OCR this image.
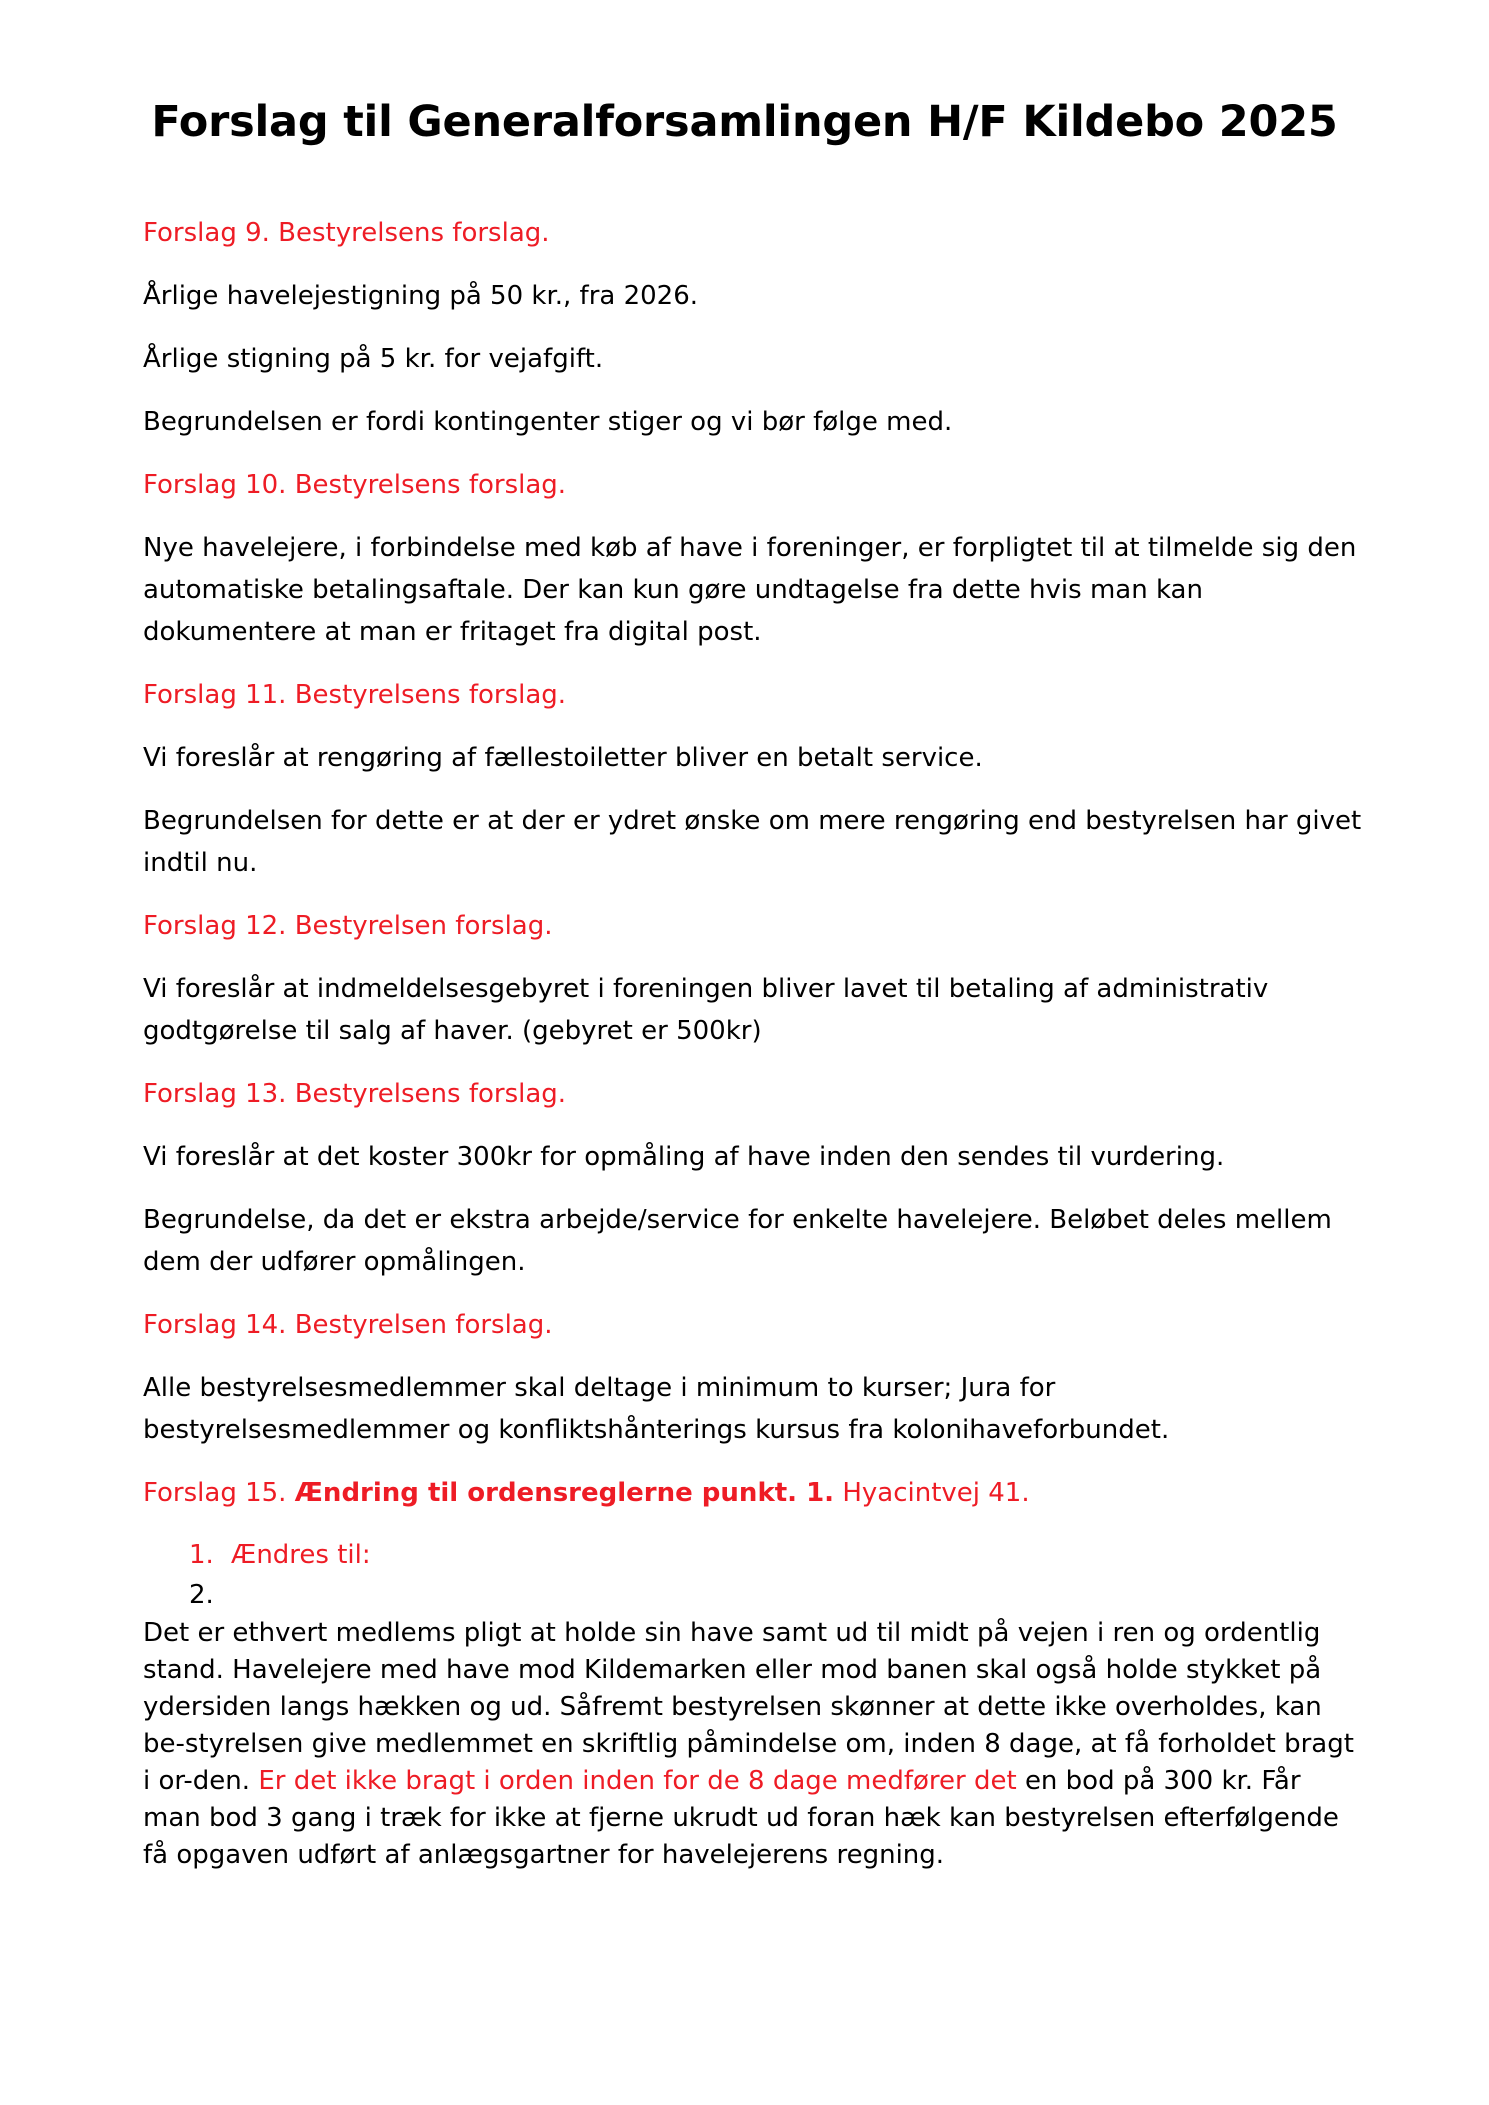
Forslag til Generalforsamlingen H/F Kildebo 2025

Forslag 9. Bestyrelsens forslag.

Årlige havelejestigning på 50 kr., fra 2026.

Årlige stigning på 5 kr. for vejafgift.

Begrundelsen er fordi kontingenter stiger og vi bør følge med.

Forslag 10. Bestyrelsens forslag.

Nye havelejere, i forbindelse med køb af have i foreninger, er forpligtet til at tilmelde sig den automatiske betalingsaftale. Der kan kun gøre undtagelse fra dette hvis man kan dokumentere at man er fritaget fra digital post.

Forslag 11. Bestyrelsens forslag.

Vi foreslår at rengøring af fællestoiletter bliver en betalt service.

Begrundelsen for dette er at der er ydret ønske om mere rengøring end bestyrelsen har givet indtil nu.

Forslag 12. Bestyrelsen forslag.

Vi foreslår at indmeldelsesgebyret i foreningen bliver lavet til betaling af administrativ godtgørelse til salg af haver. (gebyret er 500kr)

Forslag 13. Bestyrelsens forslag.

Vi foreslår at det koster 300kr for opmåling af have inden den sendes til vurdering.

Begrundelse, da det er ekstra arbejde/service for enkelte havelejere. Beløbet deles mellem dem der udfører opmålingen.

Forslag 14. Bestyrelsen forslag.

Alle bestyrelsesmedlemmer skal deltage i minimum to kurser; Jura for bestyrelsesmedlemmer og konfliktshånterings kursus fra kolonihaveforbundet.

Forslag 15. Ændring til ordensreglerne punkt. 1. Hyacintvej 41.

1. Ændres til:
2.

Det er ethvert medlems pligt at holde sin have samt ud til midt på vejen i ren og ordentlig stand. Havelejere med have mod Kildemarken eller mod banen skal også holde stykket på ydersiden langs hækken og ud. Såfremt bestyrelsen skønner at dette ikke overholdes, kan be-styrelsen give medlemmet en skriftlig påmindelse om, inden 8 dage, at få forholdet bragt i or-den. Er det ikke bragt i orden inden for de 8 dage medfører det en bod på 300 kr. Får man bod 3 gang i træk for ikke at fjerne ukrudt ud foran hæk kan bestyrelsen efterfølgende få opgaven udført af anlægsgartner for havelejerens regning.
